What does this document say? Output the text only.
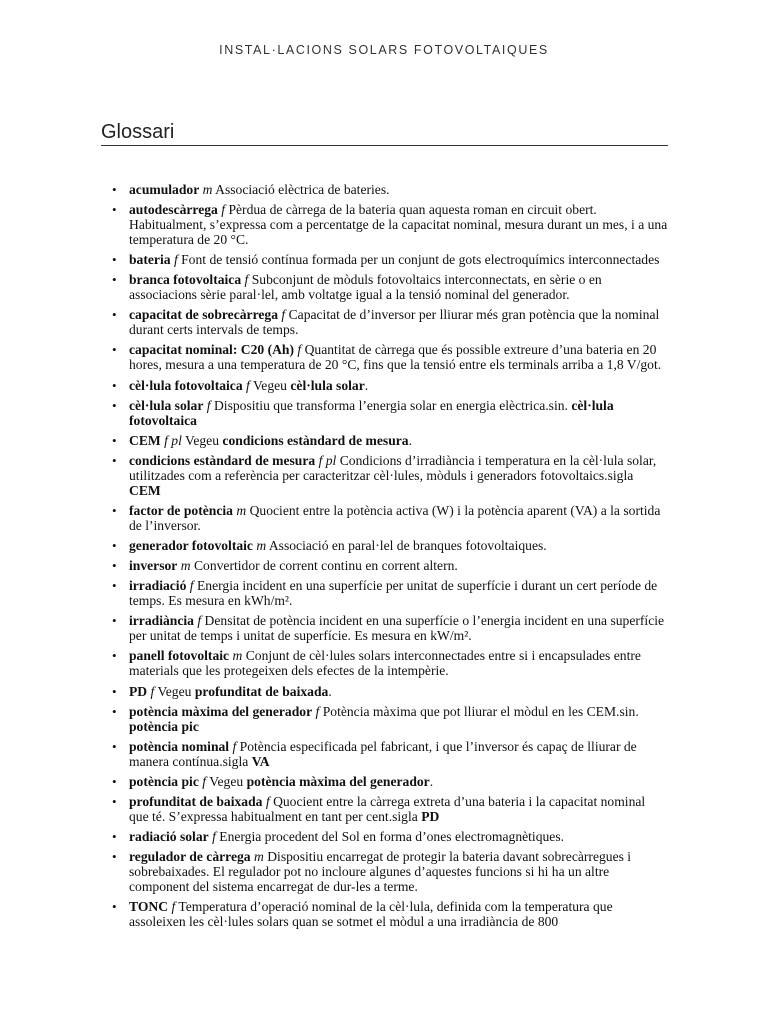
INSTAL·LACIONS SOLARS FOTOVOLTAIQUES
Glossari
• acumulador m Associació elèctrica de bateries.
• autodescàrrega f Pèrdua de càrrega de la bateria quan aquesta roman en circuit obert. Habitualment, s’expressa com a percentatge de la capacitat nominal, mesura durant un mes, i a una temperatura de 20 °C.
• bateria f Font de tensió contínua formada per un conjunt de gots electroquímics interconnectades
• branca fotovoltaica f Subconjunt de mòduls fotovoltaics interconnectats, en sèrie o en associacions sèrie paral·lel, amb voltatge igual a la tensió nominal del generador.
• capacitat de sobrecàrrega f Capacitat de d’inversor per lliurar més gran potència que la nominal durant certs intervals de temps.
• capacitat nominal: C20 (Ah) f Quantitat de càrrega que és possible extreure d’una bateria en 20 hores, mesura a una temperatura de 20 °C, fins que la tensió entre els terminals arriba a 1,8 V/got.
• cèl·lula fotovoltaica f Vegeu cèl·lula solar.
• cèl·lula solar f Dispositiu que transforma l’energia solar en energia elèctrica.sin. cèl·lula fotovoltaica
• CEM f pl Vegeu condicions estàndard de mesura.
• condicions estàndard de mesura f pl Condicions d’irradiància i temperatura en la cèl·lula solar, utilitzades com a referència per caracteritzar cèl·lules, mòduls i generadors fotovoltaics.sigla CEM
• factor de potència m Quocient entre la potència activa (W) i la potència aparent (VA) a la sortida de l’inversor.
• generador fotovoltaic m Associació en paral·lel de branques fotovoltaiques.
• inversor m Convertidor de corrent continu en corrent altern.
• irradiació f Energia incident en una superfície per unitat de superfície i durant un cert període de temps. Es mesura en kWh/m².
• irradiància f Densitat de potència incident en una superfície o l’energia incident en una superfície per unitat de temps i unitat de superfície. Es mesura en kW/m².
• panell fotovoltaic m Conjunt de cèl·lules solars interconnectades entre si i encapsulades entre materials que les protegeixen dels efectes de la intempèrie.
• PD f Vegeu profunditat de baixada.
• potència màxima del generador f Potència màxima que pot lliurar el mòdul en les CEM.sin. potència pic
• potència nominal f Potència especificada pel fabricant, i que l’inversor és capaç de lliurar de manera contínua.sigla VA
• potència pic f Vegeu potència màxima del generador.
• profunditat de baixada f Quocient entre la càrrega extreta d’una bateria i la capacitat nominal que té. S’expressa habitualment en tant per cent.sigla PD
• radiació solar f Energia procedent del Sol en forma d’ones electromagnètiques.
• regulador de càrrega m Dispositiu encarregat de protegir la bateria davant sobrecàrregues i sobrebaixades. El regulador pot no incloure algunes d’aquestes funcions si hi ha un altre component del sistema encarregat de dur-les a terme.
• TONC f Temperatura d’operació nominal de la cèl·lula, definida com la temperatura que assoleixen les cèl·lules solars quan se sotmet el mòdul a una irradiància de 800
